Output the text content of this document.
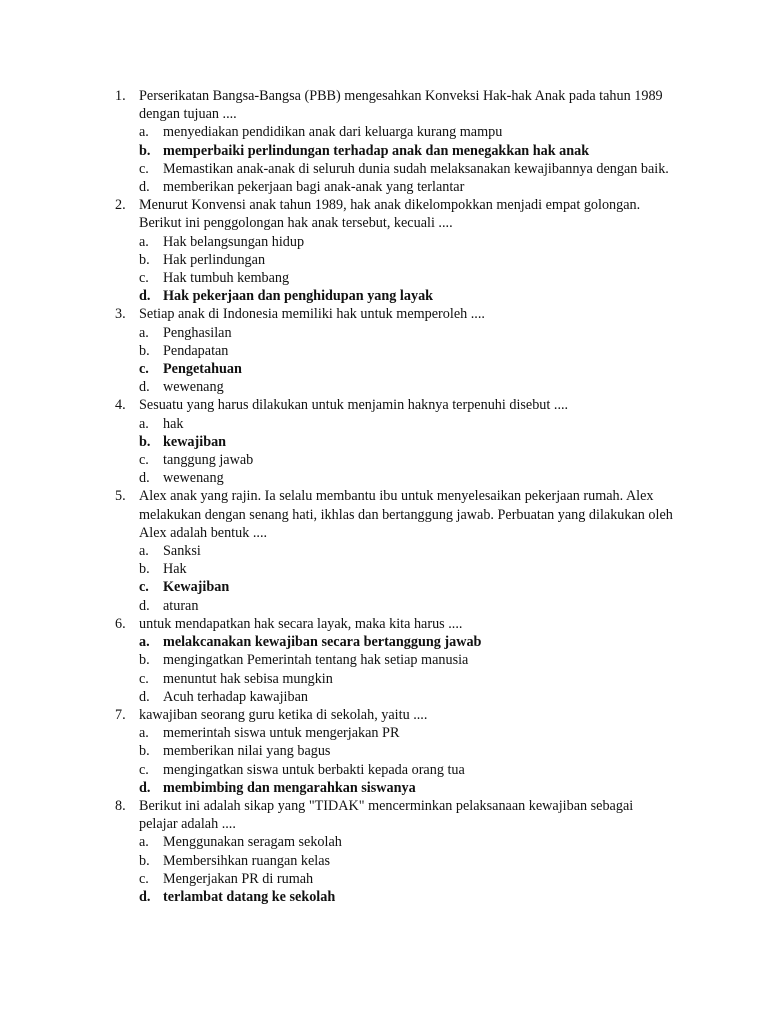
1. Perserikatan Bangsa-Bangsa (PBB) mengesahkan Konveksi Hak-hak Anak pada tahun 1989 dengan tujuan ....
a. menyediakan pendidikan anak dari keluarga kurang mampu
b. memperbaiki perlindungan terhadap anak dan menegakkan hak anak
c. Memastikan anak-anak di seluruh dunia sudah melaksanakan kewajibannya dengan baik.
d. memberikan pekerjaan bagi anak-anak yang terlantar
2. Menurut Konvensi anak tahun 1989, hak anak dikelompokkan menjadi empat golongan. Berikut ini penggolongan hak anak tersebut, kecuali ....
a. Hak belangsungan hidup
b. Hak perlindungan
c. Hak tumbuh kembang
d. Hak pekerjaan dan penghidupan yang layak
3. Setiap anak di Indonesia memiliki hak untuk memperoleh ....
a. Penghasilan
b. Pendapatan
c. Pengetahuan
d. wewenang
4. Sesuatu yang harus dilakukan untuk menjamin haknya terpenuhi disebut ....
a. hak
b. kewajiban
c. tanggung jawab
d. wewenang
5. Alex anak yang rajin. Ia selalu membantu ibu untuk menyelesaikan pekerjaan rumah. Alex melakukan dengan senang hati, ikhlas dan bertanggung jawab. Perbuatan yang dilakukan oleh Alex adalah bentuk ....
a. Sanksi
b. Hak
c. Kewajiban
d. aturan
6. untuk mendapatkan hak secara layak, maka kita harus ....
a. melakcanakan kewajiban secara bertanggung jawab
b. mengingatkan Pemerintah tentang hak setiap manusia
c. menuntut hak sebisa mungkin
d. Acuh terhadap kawajiban
7. kawajiban seorang guru ketika di sekolah, yaitu ....
a. memerintah siswa untuk mengerjakan PR
b. memberikan nilai yang bagus
c. mengingatkan siswa untuk berbakti kepada orang tua
d. membimbing dan mengarahkan siswanya
8. Berikut ini adalah sikap yang "TIDAK" mencerminkan pelaksanaan kewajiban sebagai pelajar adalah ....
a. Menggunakan seragam sekolah
b. Membersihkan ruangan kelas
c. Mengerjakan PR di rumah
d. terlambat datang ke sekolah
